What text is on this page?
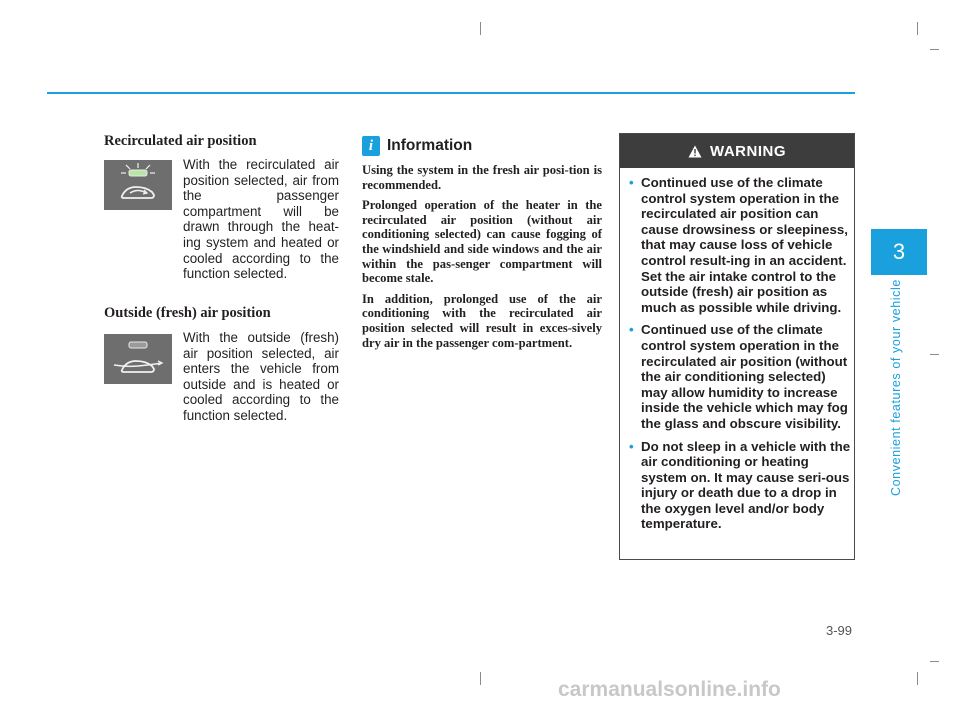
3
Convenient features of your vehicle
Recirculated air position
With the recirculated air position selected, air from the passenger compartment will be drawn through the heat-ing system and heated or cooled according to the function selected.
Outside (fresh) air position
With the outside (fresh) air position selected, air enters the vehicle from outside and is heated or cooled according to the function selected.
i Information

Using the system in the fresh air posi-tion is recommended.

Prolonged operation of the heater in the recirculated air position (without air conditioning selected) can cause fogging of the windshield and side windows and the air within the pas-senger compartment will become stale.

In addition, prolonged use of the air conditioning with the recirculated air position selected will result in exces-sively dry air in the passenger com-partment.

WARNING
• Continued use of the climate control system operation in the recirculated air position can cause drowsiness or sleepiness, that may cause loss of vehicle control result-ing in an accident. Set the air intake control to the outside (fresh) air position as much as possible while driving.
• Continued use of the climate control system operation in the recirculated air position (without the air conditioning selected) may allow humidity to increase inside the vehicle which may fog the glass and obscure visibility.
• Do not sleep in a vehicle with the air conditioning or heating system on. It may cause seri-ous injury or death due to a drop in the oxygen level and/or body temperature.
3-99
carmanualsonline.info
